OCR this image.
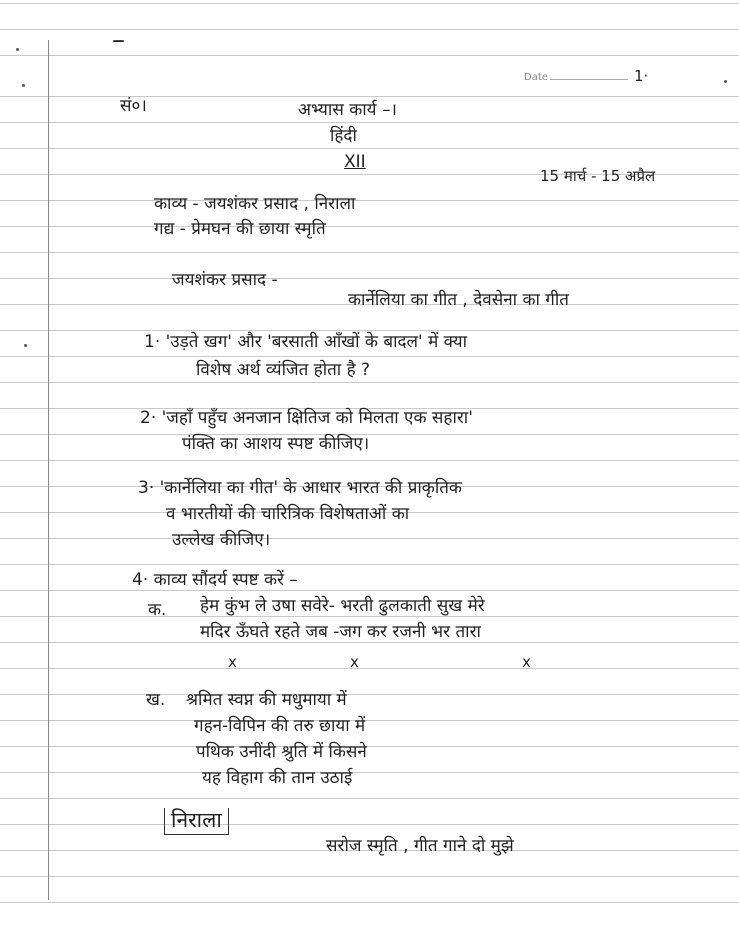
–
Date	1·
सं०।	अभ्यास कार्य –।
हिंदी
XII
15 मार्च - 15 अप्रैल
काव्य - जयशंकर प्रसाद , निराला
गद्य - प्रेमघन की छाया स्मृति
जयशंकर प्रसाद -
कार्नेलिया का गीत , देवसेना का गीत
1· 'उड़ते खग' और 'बरसाती आँखों के बादल' में क्या
विशेष अर्थ व्यंजित होता है ?
2· 'जहाँ पहुँच अनजान क्षितिज को मिलता एक सहारा'
पंक्ति का आशय स्पष्ट कीजिए।
3· 'कार्नेलिया का गीत' के आधार भारत की प्राकृतिक
व भारतीयों की चारित्रिक विशेषताओं का
उल्लेख कीजिए।
4· काव्य सौंदर्य स्पष्ट करें –
क. हेम कुंभ ले उषा सवेरे- भरती ढुलकाती सुख मेरे
मदिर ऊँघते रहते जब -जग कर रजनी भर तारा
x	x	x
ख. श्रमित स्वप्न की मधुमाया में
गहन-विपिन की तरु छाया में
पथिक उनींदी श्रुति में किसने
यह विहाग की तान उठाई
निराला
सरोज स्मृति , गीत गाने दो मुझे
